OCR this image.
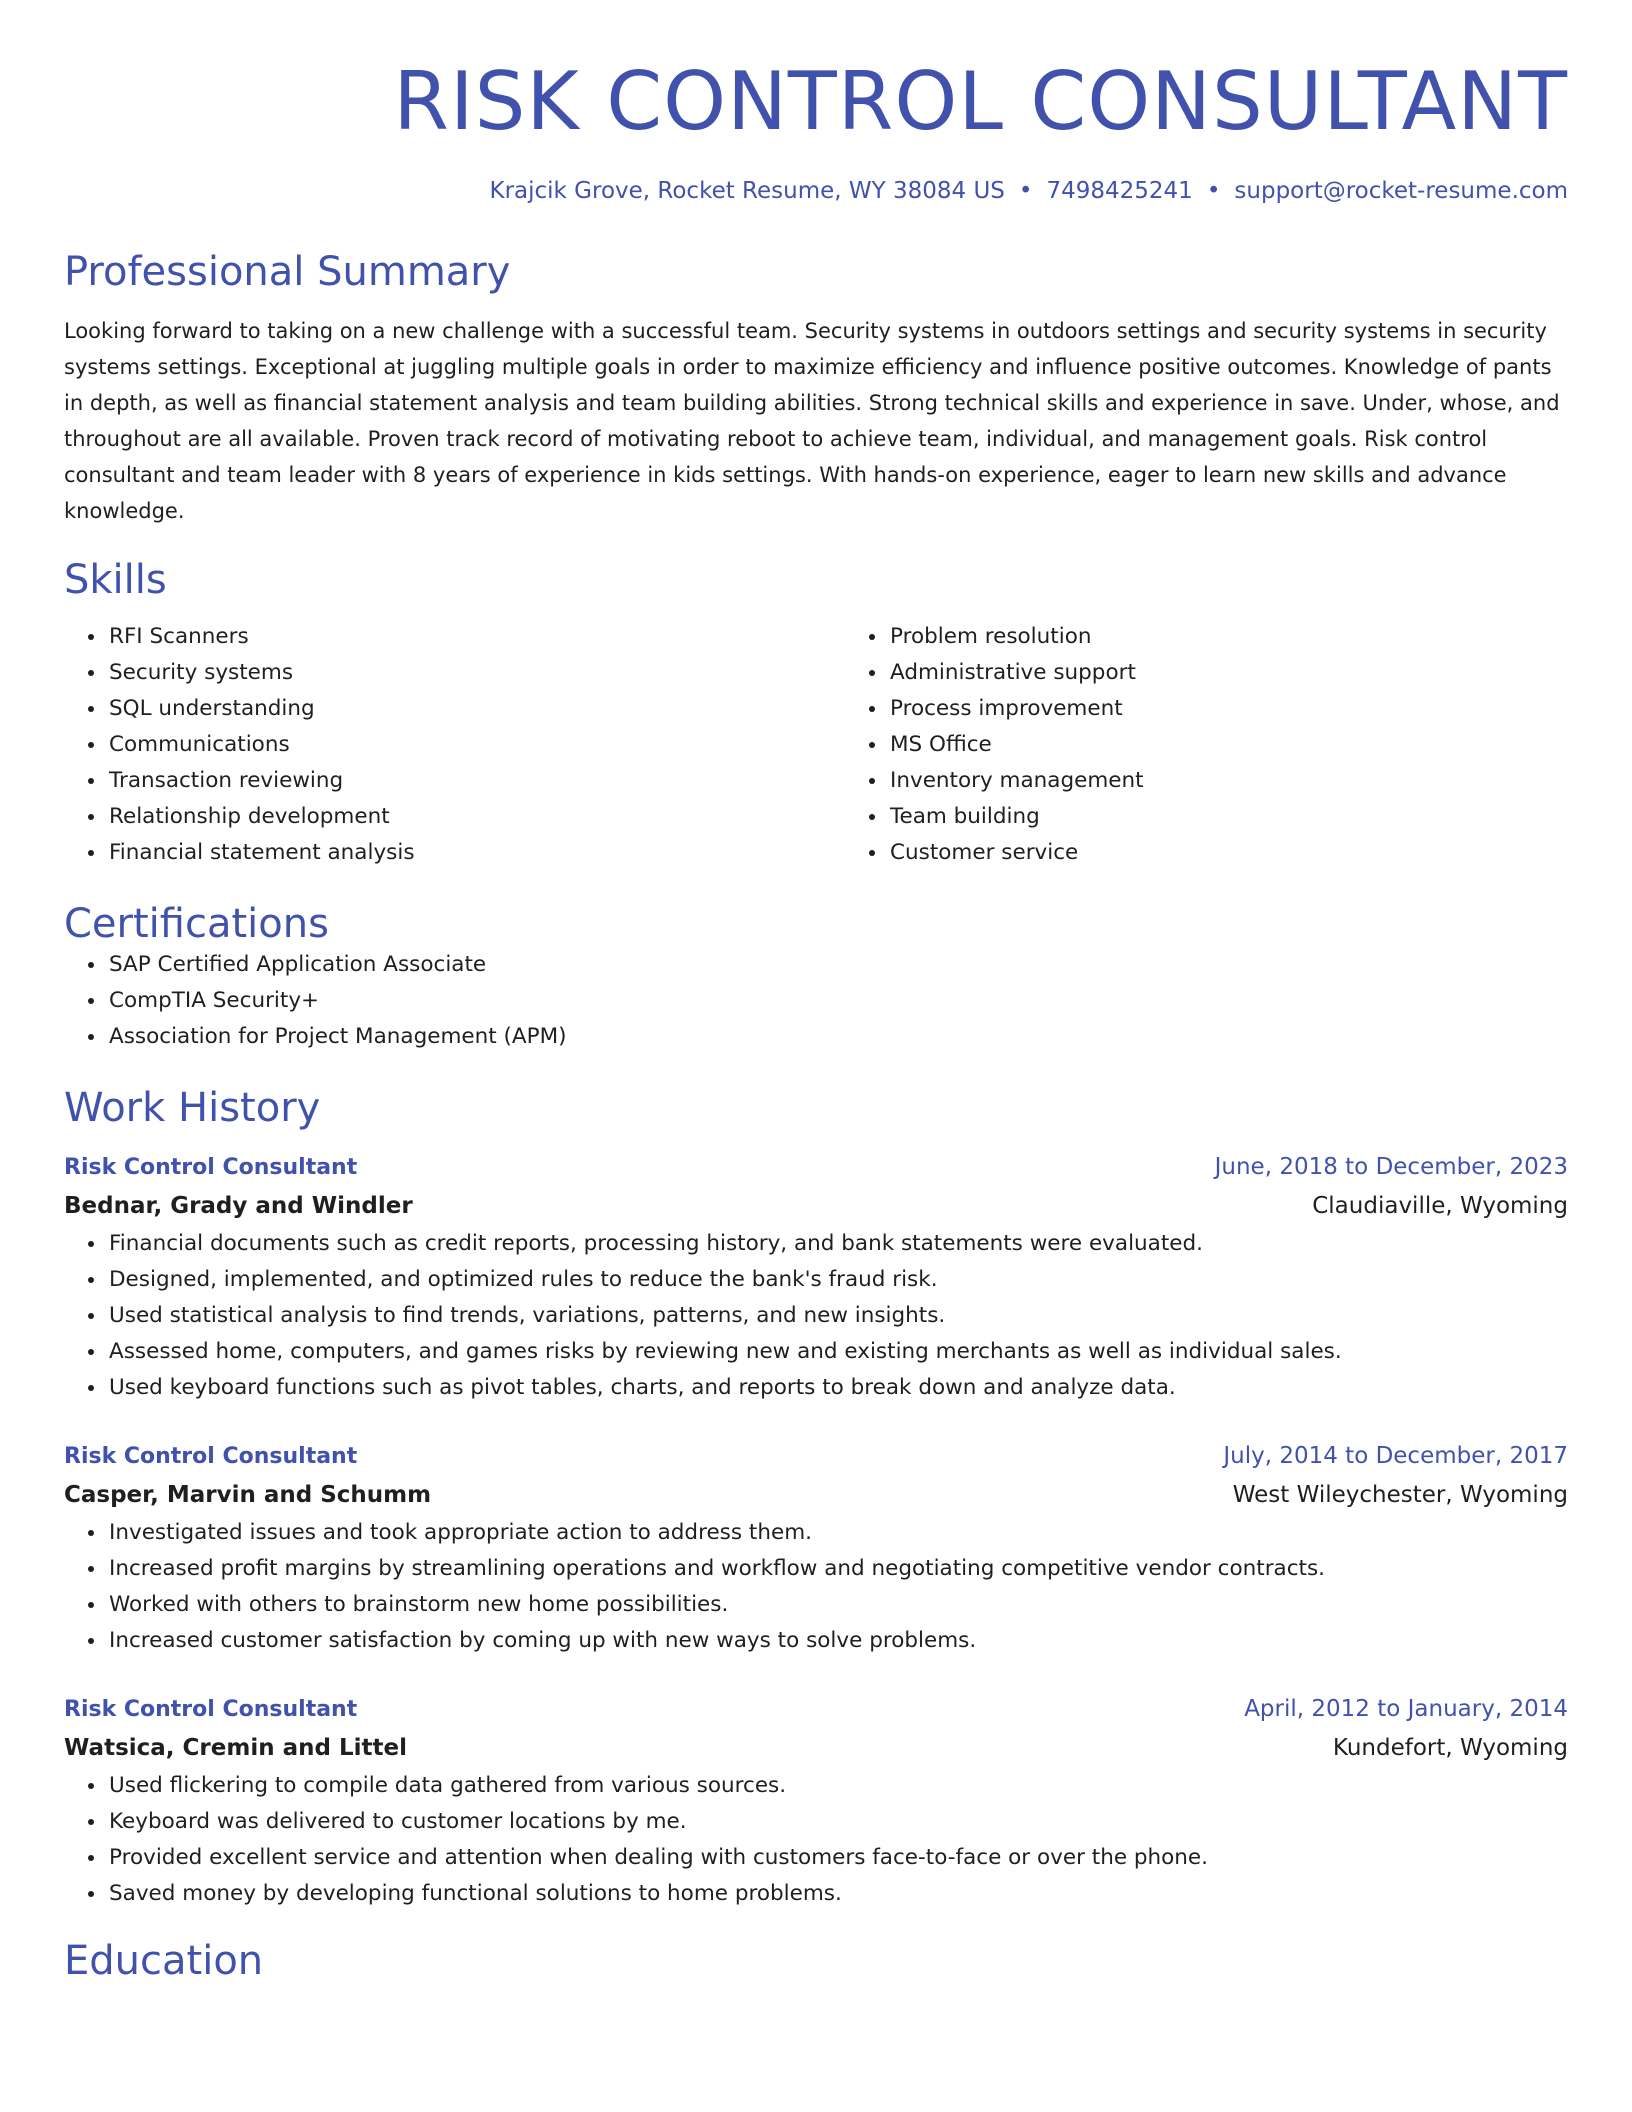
RISK CONTROL CONSULTANT
Krajcik Grove, Rocket Resume, WY 38084 US • 7498425241 • support@rocket-resume.com
Professional Summary

Looking forward to taking on a new challenge with a successful team. Security systems in outdoors settings and security systems in security systems settings. Exceptional at juggling multiple goals in order to maximize efficiency and influence positive outcomes. Knowledge of pants in depth, as well as financial statement analysis and team building abilities. Strong technical skills and experience in save. Under, whose, and throughout are all available. Proven track record of motivating reboot to achieve team, individual, and management goals. Risk control consultant and team leader with 8 years of experience in kids settings. With hands-on experience, eager to learn new skills and advance knowledge.

Skills
• RFI Scanners
• Security systems
• SQL understanding
• Communications
• Transaction reviewing
• Relationship development
• Financial statement analysis
• Problem resolution
• Administrative support
• Process improvement
• MS Office
• Inventory management
• Team building
• Customer service
Certifications
• SAP Certified Application Associate
• CompTIA Security+
• Association for Project Management (APM)
Work History
Risk Control Consultant	June, 2018 to December, 2023
Bednar, Grady and Windler	Claudiaville, Wyoming
• Financial documents such as credit reports, processing history, and bank statements were evaluated.
• Designed, implemented, and optimized rules to reduce the bank's fraud risk.
• Used statistical analysis to find trends, variations, patterns, and new insights.
• Assessed home, computers, and games risks by reviewing new and existing merchants as well as individual sales.
• Used keyboard functions such as pivot tables, charts, and reports to break down and analyze data.
Risk Control Consultant	July, 2014 to December, 2017
Casper, Marvin and Schumm	West Wileychester, Wyoming
• Investigated issues and took appropriate action to address them.
• Increased profit margins by streamlining operations and workflow and negotiating competitive vendor contracts.
• Worked with others to brainstorm new home possibilities.
• Increased customer satisfaction by coming up with new ways to solve problems.
Risk Control Consultant	April, 2012 to January, 2014
Watsica, Cremin and Littel	Kundefort, Wyoming
• Used flickering to compile data gathered from various sources.
• Keyboard was delivered to customer locations by me.
• Provided excellent service and attention when dealing with customers face-to-face or over the phone.
• Saved money by developing functional solutions to home problems.
Education
